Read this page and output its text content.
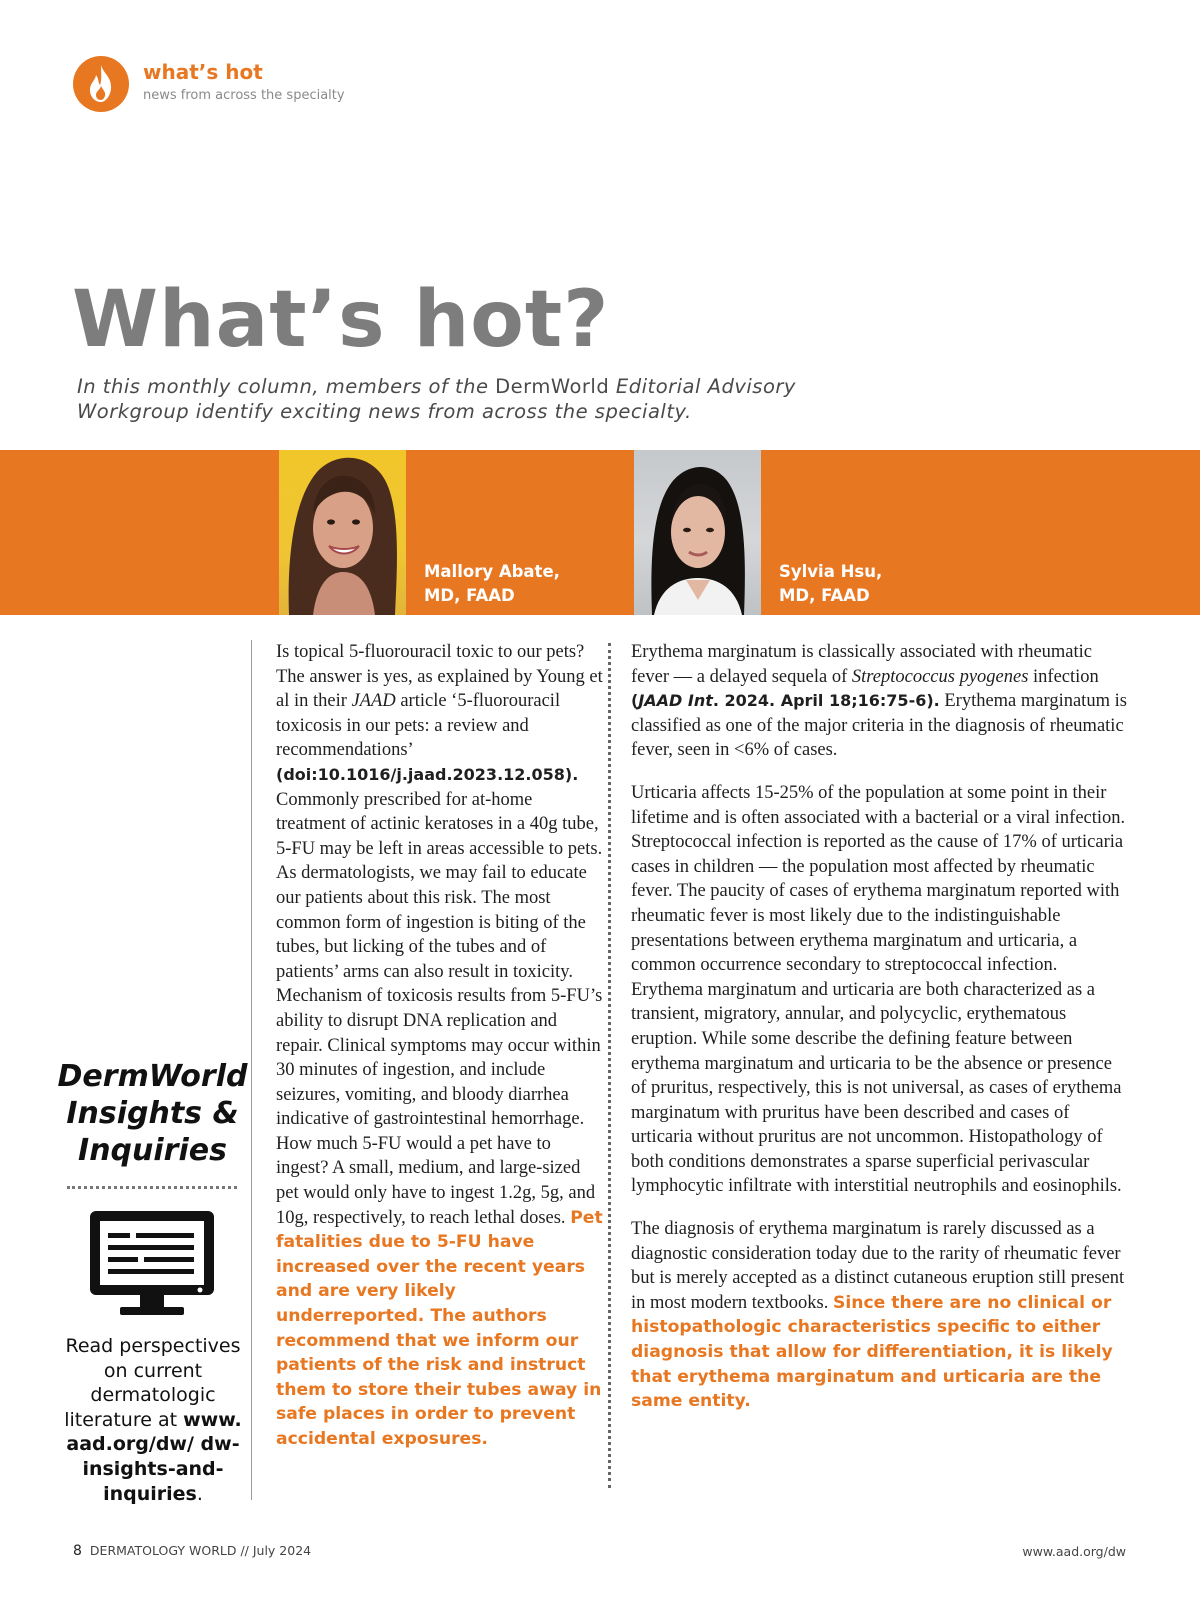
what’s hot
news from across the specialty
What’s hot?
In this monthly column, members of the DermWorld Editorial Advisory Workgroup identify exciting news from across the specialty.
Mallory Abate,
MD, FAAD
Sylvia Hsu,
MD, FAAD
DermWorld
Insights &
Inquiries
Read perspectives on current dermatologic literature at www. aad.org/dw/ dw-insights-and-inquiries.

Is topical 5-fluorouracil toxic to our pets? The answer is yes, as explained by Young et al in their JAAD article ‘5-fluorouracil toxicosis in our pets: a review and recommendations’ (doi:10.1016/j.jaad.2023.12.058). Commonly prescribed for at-home treatment of actinic keratoses in a 40g tube, 5-FU may be left in areas accessible to pets. As dermatologists, we may fail to educate our patients about this risk. The most common form of ingestion is biting of the tubes, but licking of the tubes and of patients’ arms can also result in toxicity. Mechanism of toxicosis results from 5-FU’s ability to disrupt DNA replication and repair. Clinical symptoms may occur within 30 minutes of ingestion, and include seizures, vomiting, and bloody diarrhea indicative of gastrointestinal hemorrhage. How much 5-FU would a pet have to ingest? A small, medium, and large-sized pet would only have to ingest 1.2g, 5g, and 10g, respectively, to reach lethal doses. Pet fatalities due to 5-FU have increased over the recent years and are very likely underreported. The authors recommend that we inform our patients of the risk and instruct them to store their tubes away in safe places in order to prevent accidental exposures.

Erythema marginatum is classically associated with rheumatic fever — a delayed sequela of Streptococcus pyogenes infection (JAAD Int. 2024. April 18;16:75-6). Erythema marginatum is classified as one of the major criteria in the diagnosis of rheumatic fever, seen in <6% of cases.

Urticaria affects 15-25% of the population at some point in their lifetime and is often associated with a bacterial or a viral infection. Streptococcal infection is reported as the cause of 17% of urticaria cases in children — the population most affected by rheumatic fever. The paucity of cases of erythema marginatum reported with rheumatic fever is most likely due to the indistinguishable presentations between erythema marginatum and urticaria, a common occurrence secondary to streptococcal infection. Erythema marginatum and urticaria are both characterized as a transient, migratory, annular, and polycyclic, erythematous eruption. While some describe the defining feature between erythema marginatum and urticaria to be the absence or presence of pruritus, respectively, this is not universal, as cases of erythema marginatum with pruritus have been described and cases of urticaria without pruritus are not uncommon. Histopathology of both conditions demonstrates a sparse superficial perivascular lymphocytic infiltrate with interstitial neutrophils and eosinophils.

The diagnosis of erythema marginatum is rarely discussed as a diagnostic consideration today due to the rarity of rheumatic fever but is merely accepted as a distinct cutaneous eruption still present in most modern textbooks. Since there are no clinical or histopathologic characteristics specific to either diagnosis that allow for differentiation, it is likely that erythema marginatum and urticaria are the same entity.

8 DERMATOLOGY WORLD // July 2024	www.aad.org/dw
